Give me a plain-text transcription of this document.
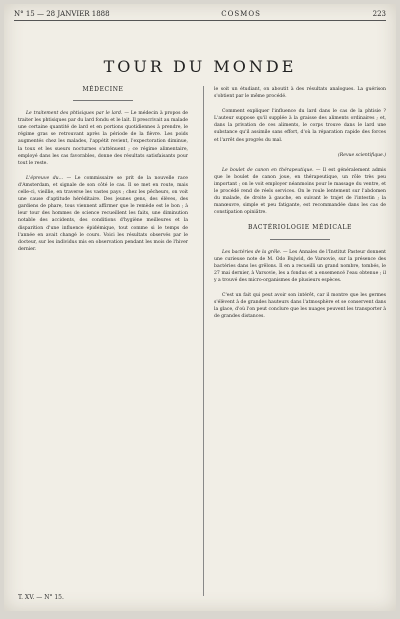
N° 15 — 28 JANVIER 1888	COSMOS	223
TOUR DU MONDE
MÉDECINE

Le traitement des phtisiques par le lard. — Le médecin à propos de traiter les phtisiques par du lard fondu et le lait. Il prescrivait au malade une certaine quantité de lard et en portions quotidiennes à prendre, le régime gras se retrouvant après la période de la fièvre. Les poids augmentés chez les malades, l'appétit revient, l'expectoration diminue, la toux et les sueurs nocturnes s'atténuent ; ce régime alimentaire, employé dans les cas favorables, donne des résultats satisfaisants pour tout le reste.

L'épreuve du... — Le commissaire se prit de la nouvelle race d'Amsterdam, et signale de son côté le cas. Il se met en route, mais celle-ci, vieillie, en traverse les vastes pays ; chez les pêcheurs, on voit une cause d'aptitude héréditaire. Des jeunes gens, des élèves, des gardiens de phare, tous viennent affirmer que le remède est le bon ; à leur tour des hommes de science recueillent les faits, une diminution notable des accidents, des conditions d'hygiène meilleures et la disparition d'une influence épidémique, tout comme si le temps de l'année en avait changé le cours. Voici les résultats observés par le docteur, sur les individus mis en observation pendant les mois de l'hiver dernier.

le soit un étudiant, on aboutit à des résultats analogues. La guérison s'obtient par le même procédé.

Comment expliquer l'influence du lard dans le cas de la phtisie ? L'auteur suppose qu'il supplée à la graisse des aliments ordinaires ; et, dans la privation de ces aliments, le corps trouve dans le lard une substance qu'il assimile sans effort, d'où la réparation rapide des forces et l'arrêt des progrès du mal.

(Revue scientifique.)

Le boulet de canon en thérapeutique. — Il est généralement admis que le boulet de canon joue, en thérapeutique, un rôle très peu important ; on le voit employer néanmoins pour le massage du ventre, et le procédé rend de réels services. On le roule lentement sur l'abdomen du malade, de droite à gauche, en suivant le trajet de l'intestin ; la manœuvre, simple et peu fatigante, est recommandée dans les cas de constipation opiniâtre.

BACTÉRIOLOGIE MÉDICALE

Les bactéries de la grêle. — Les Annales de l'Institut Pasteur donnent une curieuse note de M. Odo Bujwid, de Varsovie, sur la présence des bactéries dans les grêlons. Il en a recueilli un grand nombre, tombés, le 27 mai dernier, à Varsovie, les a fondus et a ensemencé l'eau obtenue ; il y a trouvé des micro-organismes de plusieurs espèces.

C'est un fait qui peut avoir son intérêt, car il montre que les germes s'élèvent à de grandes hauteurs dans l'atmosphère et se conservent dans la glace, d'où l'on peut conclure que les nuages peuvent les transporter à de grandes distances.

T. XV. — N° 15.
